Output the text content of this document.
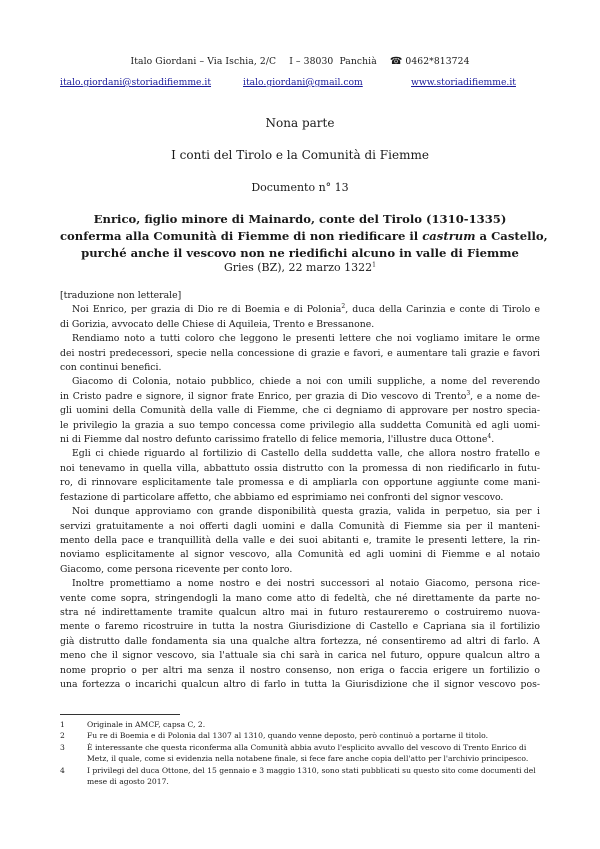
Italo Giordani – Via Ischia, 2/C I – 38030 Panchià ☎ 0462*813724
italo.giordani@storiadifiemme.it	italo.giordani@gmail.com	www.storiadifiemme.it
Nona parte
I conti del Tirolo e la Comunità di Fiemme
Documento n° 13
Enrico, figlio minore di Mainardo, conte del Tirolo (1310-1335)
conferma alla Comunità di Fiemme di non riedificare il castrum a Castello,
purché anche il vescovo non ne riedifichi alcuno in valle di Fiemme
Gries (BZ), 22 marzo 1322$^1$
[traduzione non letterale]
Noi Enrico, per grazia di Dio re di Boemia e di Polonia$^2$, duca della Carinzia e conte di Tirolo e
di Gorizia, avvocato delle Chiese di Aquileia, Trento e Bressanone.
Rendiamo noto a tutti coloro che leggono le presenti lettere che noi vogliamo imitare le orme
dei nostri predecessori, specie nella concessione di grazie e favori, e aumentare tali grazie e favori
con continui benefici.
Giacomo di Colonia, notaio pubblico, chiede a noi con umili suppliche, a nome del reverendo
in Cristo padre e signore, il signor frate Enrico, per grazia di Dio vescovo di Trento$^3$, e a nome de-
gli uomini della Comunità della valle di Fiemme, che ci degniamo di approvare per nostro specia-
le privilegio la grazia a suo tempo concessa come privilegio alla suddetta Comunità ed agli uomi-
ni di Fiemme dal nostro defunto carissimo fratello di felice memoria, l'illustre duca Ottone$^4$.
Egli ci chiede riguardo al fortilizio di Castello della suddetta valle, che allora nostro fratello e
noi tenevamo in quella villa, abbattuto ossia distrutto con la promessa di non riedificarlo in futu-
ro, di rinnovare esplicitamente tale promessa e di ampliarla con opportune aggiunte come mani-
festazione di particolare affetto, che abbiamo ed esprimiamo nei confronti del signor vescovo.
Noi dunque approviamo con grande disponibilità questa grazia, valida in perpetuo, sia per i
servizi gratuitamente a noi offerti dagli uomini e dalla Comunità di Fiemme sia per il manteni-
mento della pace e tranquillità della valle e dei suoi abitanti e, tramite le presenti lettere, la rin-
noviamo esplicitamente al signor vescovo, alla Comunità ed agli uomini di Fiemme e al notaio
Giacomo, come persona ricevente per conto loro.
Inoltre promettiamo a nome nostro e dei nostri successori al notaio Giacomo, persona rice-
vente come sopra, stringendogli la mano come atto di fedeltà, che né direttamente da parte no-
stra né indirettamente tramite qualcun altro mai in futuro restaureremo o costruiremo nuova-
mente o faremo ricostruire in tutta la nostra Giurisdizione di Castello e Capriana sia il fortilizio
già distrutto dalle fondamenta sia una qualche altra fortezza, né consentiremo ad altri di farlo. A
meno che il signor vescovo, sia l'attuale sia chi sarà in carica nel futuro, oppure qualcun altro a
nome proprio o per altri ma senza il nostro consenso, non eriga o faccia erigere un fortilizio o
una fortezza o incarichi qualcun altro di farlo in tutta la Giurisdizione che il signor vescovo pos-
1	Originale in AMCF, capsa C, 2.
2	Fu re di Boemia e di Polonia dal 1307 al 1310, quando venne deposto, però continuò a portarne il titolo.
3	È interessante che questa riconferma alla Comunità abbia avuto l'esplicito avvallo del vescovo di Trento Enrico di
Metz, il quale, come si evidenzia nella notabene finale, si fece fare anche copia dell'atto per l'archivio principesco.
4	I privilegi del duca Ottone, del 15 gennaio e 3 maggio 1310, sono stati pubblicati su questo sito come documenti del
mese di agosto 2017.
